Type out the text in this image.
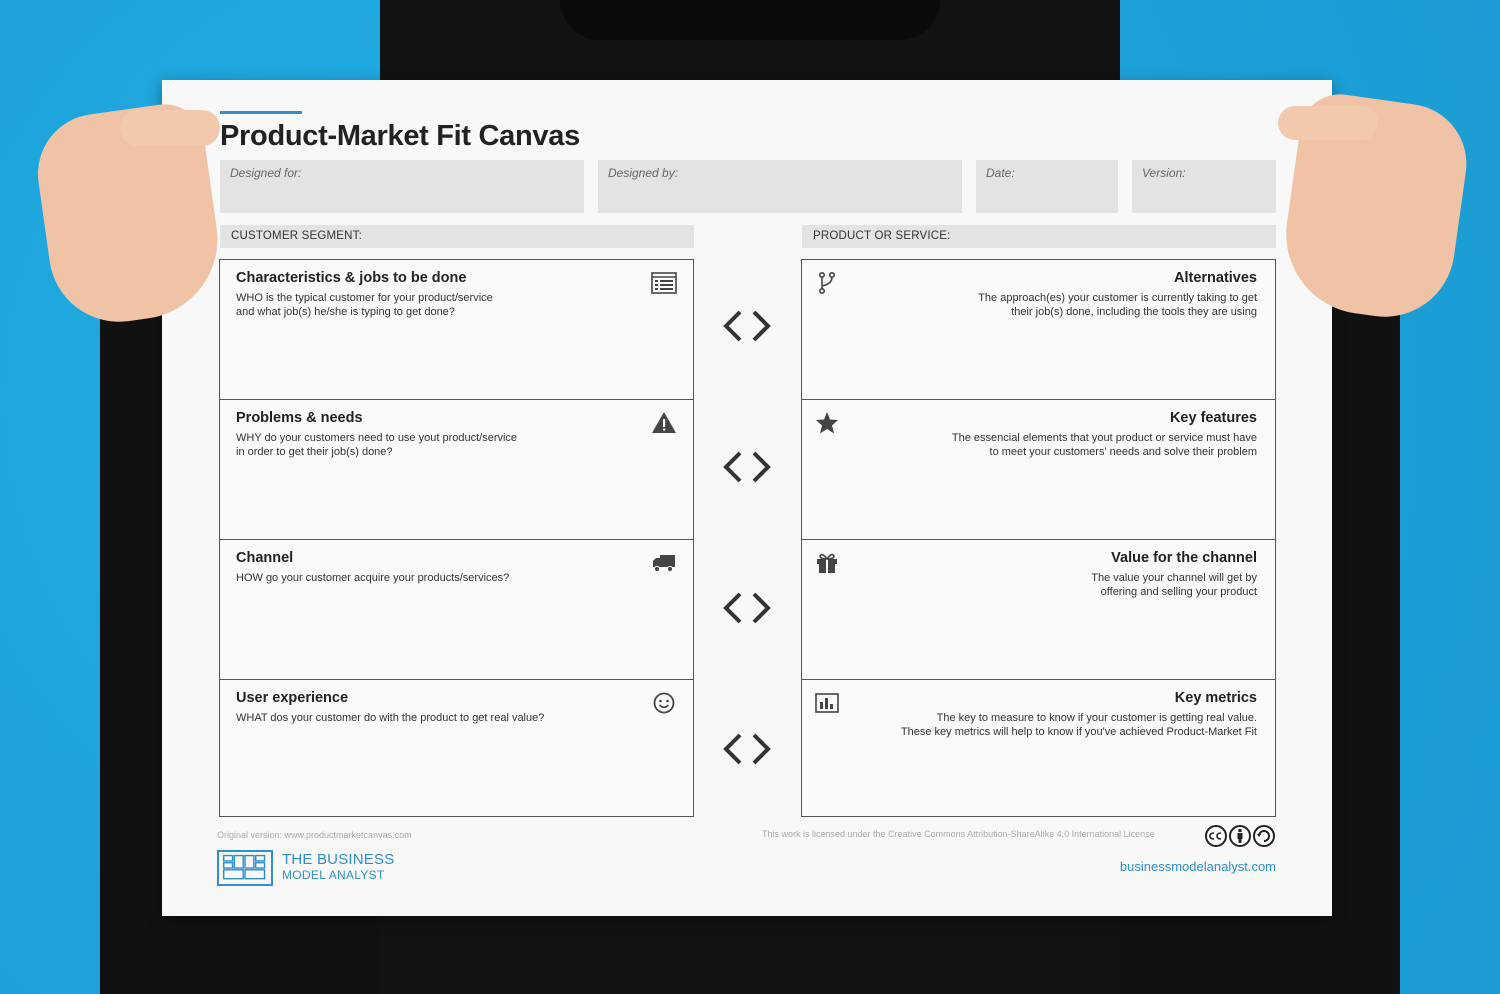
Product-Market Fit Canvas
Designed for:	Designed by:	Date:	Version:
CUSTOMER SEGMENT:	PRODUCT OR SERVICE:
Characteristics & jobs to be done
WHO is the typical customer for your product/service
and what job(s) he/she is typing to get done?
Problems & needs
WHY do your customers need to use yout product/service
in order to get their job(s) done?
Channel
HOW go your customer acquire your products/services?
User experience
WHAT dos your customer do with the product to get real value?
Alternatives
The approach(es) your customer is currently taking to get
their job(s) done, including the tools they are using
Key features
The essencial elements that yout product or service must have
to meet your customers' needs and solve their problem
Value for the channel
The value your channel will get by
offering and selling your product
Key metrics
The key to measure to know if your customer is getting real value.
These key metrics will help to know if you've achieved Product-Market Fit
Original version: www.productmarketcanvas.com
THE BUSINESS
MODEL ANALYST
This work is licensed under the Creative Commons Attribution-ShareAlike 4.0 International License
businessmodelanalyst.com
